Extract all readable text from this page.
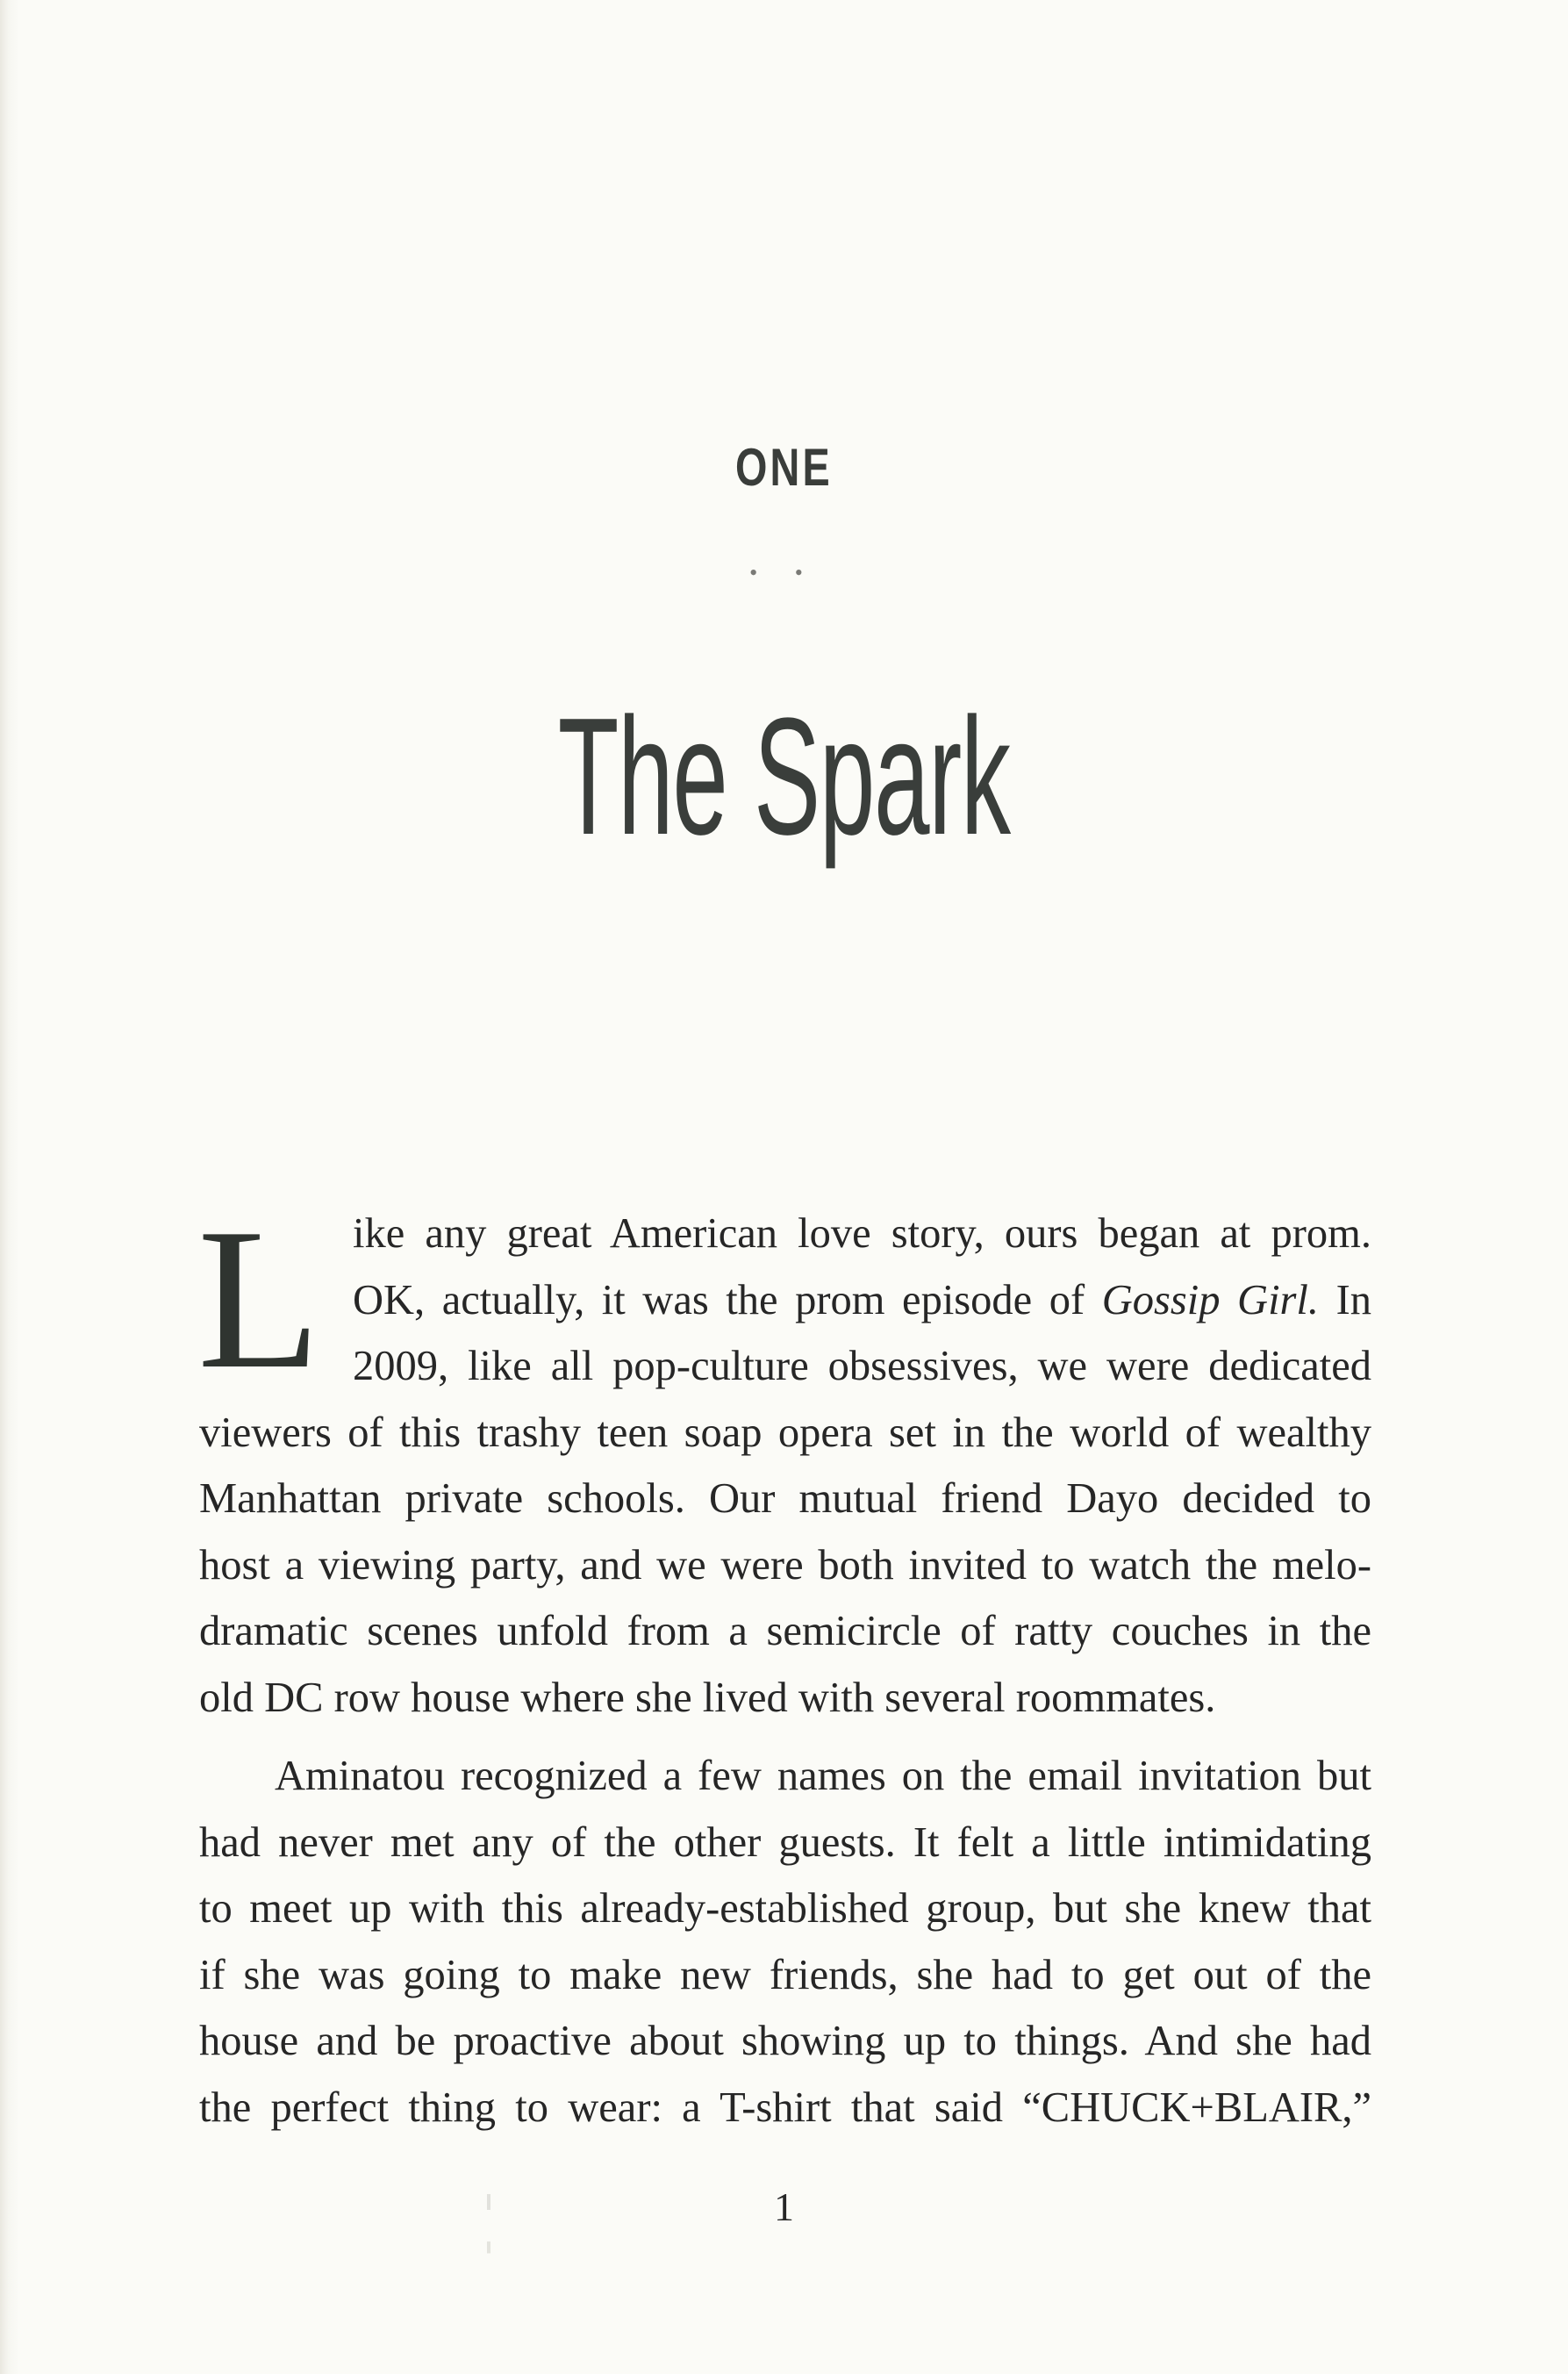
ONE
• •
The Spark
L ike any great American love story, ours began at prom.
OK, actually, it was the prom episode of Gossip Girl. In
2009, like all pop-culture obsessives, we were dedicated
viewers of this trashy teen soap opera set in the world of wealthy
Manhattan private schools. Our mutual friend Dayo decided to
host a viewing party, and we were both invited to watch the melo-
dramatic scenes unfold from a semicircle of ratty couches in the
old DC row house where she lived with several roommates.
Aminatou recognized a few names on the email invitation but
had never met any of the other guests. It felt a little intimidating
to meet up with this already-established group, but she knew that
if she was going to make new friends, she had to get out of the
house and be proactive about showing up to things. And she had
the perfect thing to wear: a T-shirt that said “CHUCK+BLAIR,”
1
